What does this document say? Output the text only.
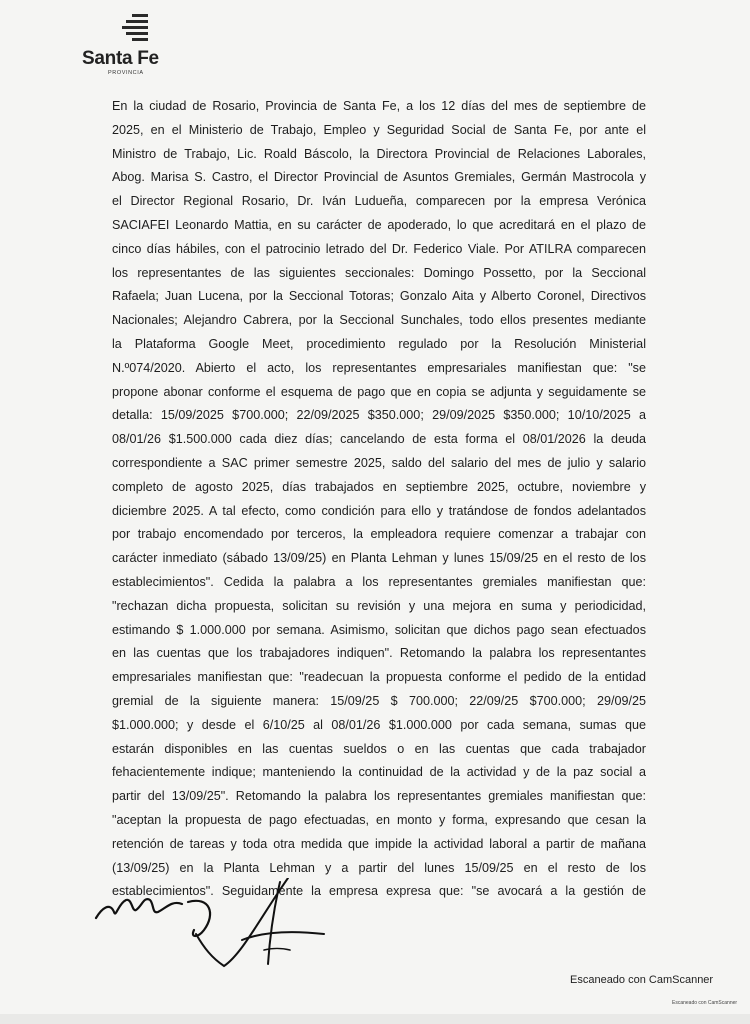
Santa Fe
PROVINCIA
En la ciudad de Rosario, Provincia de Santa Fe, a los 12 días del mes de septiembre de
2025, en el Ministerio de Trabajo, Empleo y Seguridad Social de Santa Fe, por ante el
Ministro de Trabajo, Lic. Roald Báscolo, la Directora Provincial de Relaciones Laborales,
Abog. Marisa S. Castro, el Director Provincial de Asuntos Gremiales, Germán Mastrocola y
el Director Regional Rosario, Dr. Iván Ludueña, comparecen por la empresa Verónica
SACIAFEI Leonardo Mattia, en su carácter de apoderado, lo que acreditará en el plazo de
cinco días hábiles, con el patrocinio letrado del Dr. Federico Viale. Por ATILRA comparecen
los representantes de las siguientes seccionales: Domingo Possetto, por la Seccional
Rafaela; Juan Lucena, por la Seccional Totoras; Gonzalo Aita y Alberto Coronel, Directivos
Nacionales; Alejandro Cabrera, por la Seccional Sunchales, todo ellos presentes mediante
la Plataforma Google Meet, procedimiento regulado por la Resolución Ministerial
N.º074/2020. Abierto el acto, los representantes empresariales manifiestan que: "se
propone abonar conforme el esquema de pago que en copia se adjunta y seguidamente se
detalla: 15/09/2025 $700.000; 22/09/2025 $350.000; 29/09/2025 $350.000; 10/10/2025 a
08/01/26 $1.500.000 cada diez días; cancelando de esta forma el 08/01/2026 la deuda
correspondiente a SAC primer semestre 2025, saldo del salario del mes de julio y salario
completo de agosto 2025, días trabajados en septiembre 2025, octubre, noviembre y
diciembre 2025. A tal efecto, como condición para ello y tratándose de fondos adelantados
por trabajo encomendado por terceros, la empleadora requiere comenzar a trabajar con
carácter inmediato (sábado 13/09/25) en Planta Lehman y lunes 15/09/25 en el resto de los
establecimientos". Cedida la palabra a los representantes gremiales manifiestan que:
"rechazan dicha propuesta, solicitan su revisión y una mejora en suma y periodicidad,
estimando $ 1.000.000 por semana. Asimismo, solicitan que dichos pago sean efectuados
en las cuentas que los trabajadores indiquen". Retomando la palabra los representantes
empresariales manifiestan que: "readecuan la propuesta conforme el pedido de la entidad
gremial de la siguiente manera: 15/09/25 $ 700.000; 22/09/25 $700.000; 29/09/25
$1.000.000; y desde el 6/10/25 al 08/01/26 $1.000.000 por cada semana, sumas que
estarán disponibles en las cuentas sueldos o en las cuentas que cada trabajador
fehacientemente indique; manteniendo la continuidad de la actividad y de la paz social a
partir del 13/09/25". Retomando la palabra los representantes gremiales manifiestan que:
"aceptan la propuesta de pago efectuadas, en monto y forma, expresando que cesan la
retención de tareas y toda otra medida que impide la actividad laboral a partir de mañana
(13/09/25) en la Planta Lehman y a partir del lunes 15/09/25 en el resto de los
establecimientos". Seguidamente la empresa expresa que: "se avocará a la gestión de
Escaneado con CamScanner
Escaneado con CamScanner
